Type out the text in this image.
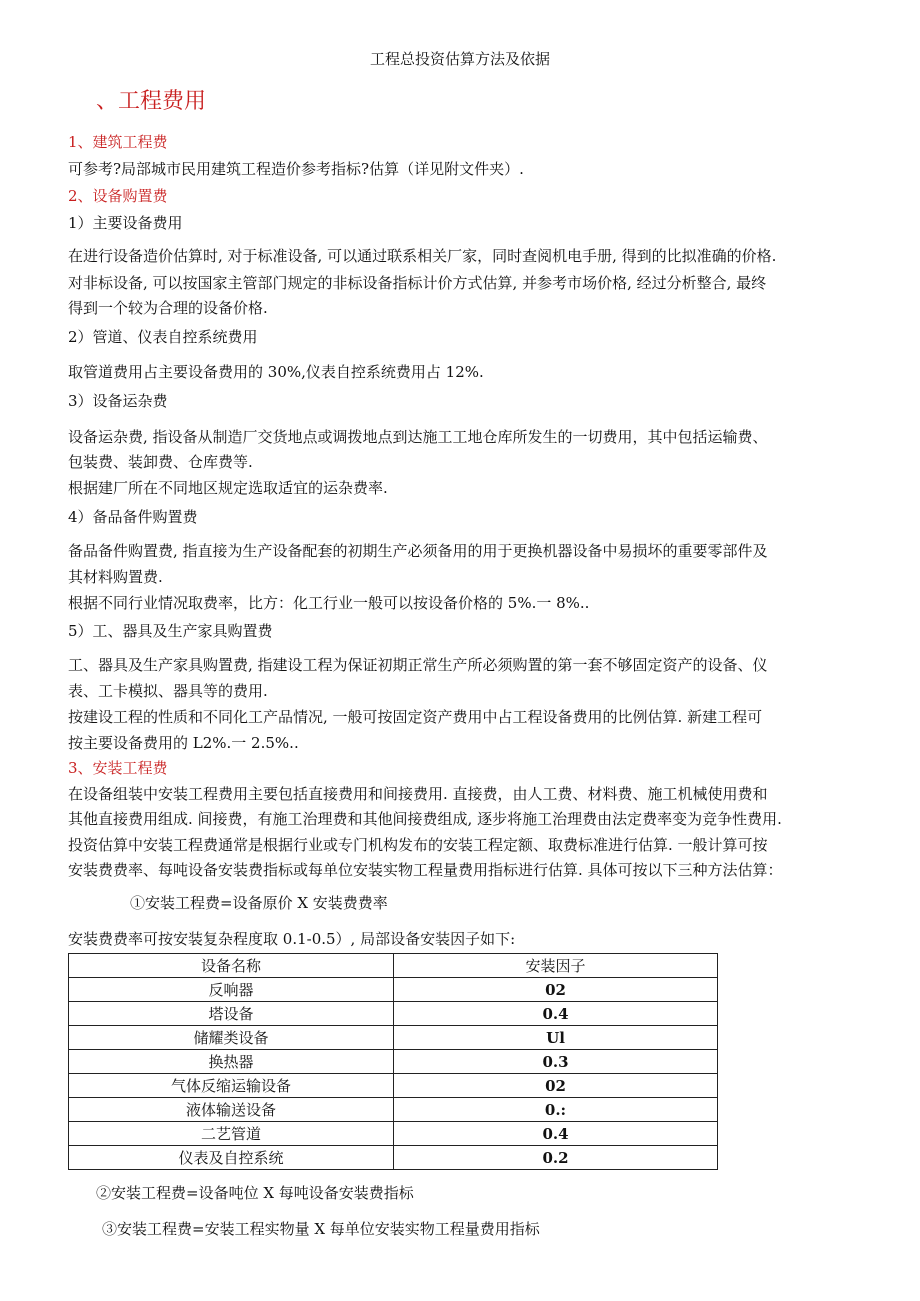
工程总投资估算方法及依据
、工程费用
1、建筑工程费
可参考?局部城市民用建筑工程造价参考指标?估算（详见附文件夹）.
2、设备购置费
1）主要设备费用
在进行设备造价估算时, 对于标准设备, 可以通过联系相关厂家，同时查阅机电手册, 得到的比拟准确的价格.
对非标设备, 可以按国家主管部门规定的非标设备指标计价方式估算, 并参考市场价格, 经过分析整合, 最终
得到一个较为合理的设备价格.
2）管道、仪表自控系统费用
取管道费用占主要设备费用的 30%,仪表自控系统费用占 12%.
3）设备运杂费
设备运杂费, 指设备从制造厂交货地点或调拨地点到达施工工地仓库所发生的一切费用，其中包括运输费、
包装费、装卸费、仓库费等.
根据建厂所在不同地区规定选取适宜的运杂费率.
4）备品备件购置费
备品备件购置费, 指直接为生产设备配套的初期生产必须备用的用于更换机器设备中易损坏的重要零部件及
其材料购置费.
根据不同行业情况取费率，比方：化工行业一般可以按设备价格的 5%.一 8%..
5）工、器具及生产家具购置费
工、器具及生产家具购置费, 指建设工程为保证初期正常生产所必须购置的第一套不够固定资产的设备、仪
表、工卡模拟、器具等的费用.
按建设工程的性质和不同化工产品情况, 一般可按固定资产费用中占工程设备费用的比例估算. 新建工程可
按主要设备费用的 L2%.一 2.5%..
3、安装工程费
在设备组装中安装工程费用主要包括直接费用和间接费用. 直接费，由人工费、材料费、施工机械使用费和
其他直接费用组成. 间接费，有施工治理费和其他间接费组成, 逐步将施工治理费由法定费率变为竞争性费用.
投资估算中安装工程费通常是根据行业或专门机构发布的安装工程定额、取费标准进行估算. 一般计算可按
安装费费率、每吨设备安装费指标或每单位安装实物工程量费用指标进行估算. 具体可按以下三种方法估算：
①安装工程费=设备原价 X 安装费费率
安装费费率可按安装复杂程度取 0.1-0.5）, 局部设备安装因子如下:
设备名称	安装因子
反响器	02
塔设备	0.4
储耀类设备	Ul
换热器	0.3
气体反缩运输设备	02
液体输送设备	0.:
二艺管道	0.4
仪表及自控系统	0.2
②安装工程费=设备吨位 X 每吨设备安装费指标
③安装工程费=安装工程实物量 X 每单位安装实物工程量费用指标
